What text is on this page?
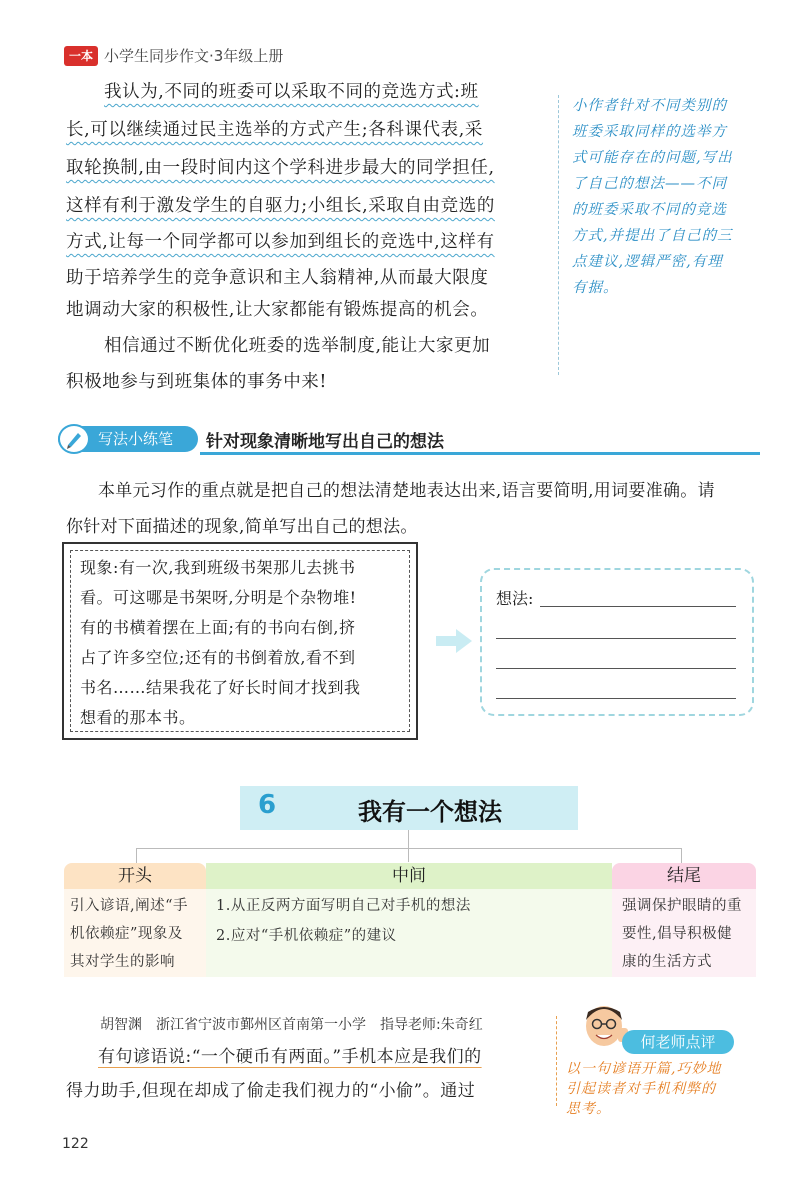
一本 小学生同步作文·3年级上册
我认为,不同的班委可以采取不同的竞选方式:班
长,可以继续通过民主选举的方式产生;各科课代表,采
取轮换制,由一段时间内这个学科进步最大的同学担任,
这样有利于激发学生的自驱力;小组长,采取自由竞选的
方式,让每一个同学都可以参加到组长的竞选中,这样有
助于培养学生的竞争意识和主人翁精神,从而最大限度
地调动大家的积极性,让大家都能有锻炼提高的机会。
相信通过不断优化班委的选举制度,能让大家更加
积极地参与到班集体的事务中来!
小作者针对不同类别的
班委采取同样的选举方
式可能存在的问题,写出
了自己的想法——不同
的班委采取不同的竞选
方式,并提出了自己的三
点建议,逻辑严密,有理
有据。
写法小练笔	针对现象清晰地写出自己的想法
本单元习作的重点就是把自己的想法清楚地表达出来,语言要简明,用词要准确。请
你针对下面描述的现象,简单写出自己的想法。
现象:有一次,我到班级书架那儿去挑书
看。可这哪是书架呀,分明是个杂物堆!
有的书横着摆在上面;有的书向右倒,挤
占了许多空位;还有的书倒着放,看不到
书名……结果我花了好长时间才找到我
想看的那本书。
想法:
6	我有一个想法
开头	中间	结尾
引入谚语,阐述“手
机依赖症”现象及
其对学生的影响
1.从正反两方面写明自己对手机的想法
2.应对“手机依赖症”的建议
强调保护眼睛的重
要性,倡导积极健
康的生活方式
胡智渊　浙江省宁波市鄞州区首南第一小学　指导老师:朱奇红
有句谚语说:“一个硬币有两面。”手机本应是我们的
得力助手,但现在却成了偷走我们视力的“小偷”。通过
何老师点评
以一句谚语开篇,巧妙地
引起读者对手机利弊的
思考。
122
